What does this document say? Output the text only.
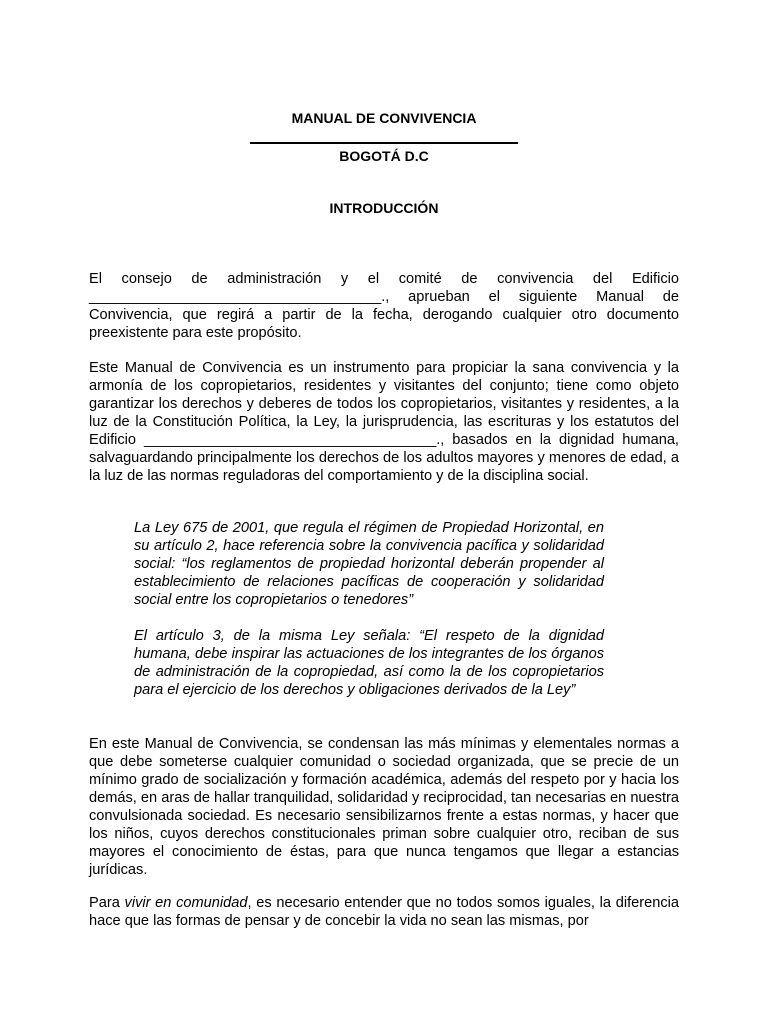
MANUAL DE CONVIVENCIA
BOGOTÁ D.C
INTRODUCCIÓN

El consejo de administración y el comité de convivencia del Edificio ____________________________________., aprueban el siguiente Manual de Convivencia, que regirá a partir de la fecha, derogando cualquier otro documento preexistente para este propósito.

Este Manual de Convivencia es un instrumento para propiciar la sana convivencia y la armonía de los copropietarios, residentes y visitantes del conjunto; tiene como objeto garantizar los derechos y deberes de todos los copropietarios, visitantes y residentes, a la luz de la Constitución Política, la Ley, la jurisprudencia, las escrituras y los estatutos del Edificio ____________________________________., basados en la dignidad humana, salvaguardando principalmente los derechos de los adultos mayores y menores de edad, a la luz de las normas reguladoras del comportamiento y de la disciplina social.

La Ley 675 de 2001, que regula el régimen de Propiedad Horizontal, en su artículo 2, hace referencia sobre la convivencia pacífica y solidaridad social: “los reglamentos de propiedad horizontal deberán propender al establecimiento de relaciones pacíficas de cooperación y solidaridad social entre los copropietarios o tenedores”

El artículo 3, de la misma Ley señala: “El respeto de la dignidad humana, debe inspirar las actuaciones de los integrantes de los órganos de administración de la copropiedad, así como la de los copropietarios para el ejercicio de los derechos y obligaciones derivados de la Ley”

En este Manual de Convivencia, se condensan las más mínimas y elementales normas a que debe someterse cualquier comunidad o sociedad organizada, que se precie de un mínimo grado de socialización y formación académica, además del respeto por y hacia los demás, en aras de hallar tranquilidad, solidaridad y reciprocidad, tan necesarias en nuestra convulsionada sociedad. Es necesario sensibilizarnos frente a estas normas, y hacer que los niños, cuyos derechos constitucionales priman sobre cualquier otro, reciban de sus mayores el conocimiento de éstas, para que nunca tengamos que llegar a estancias jurídicas.

Para vivir en comunidad, es necesario entender que no todos somos iguales, la diferencia hace que las formas de pensar y de concebir la vida no sean las mismas, por
